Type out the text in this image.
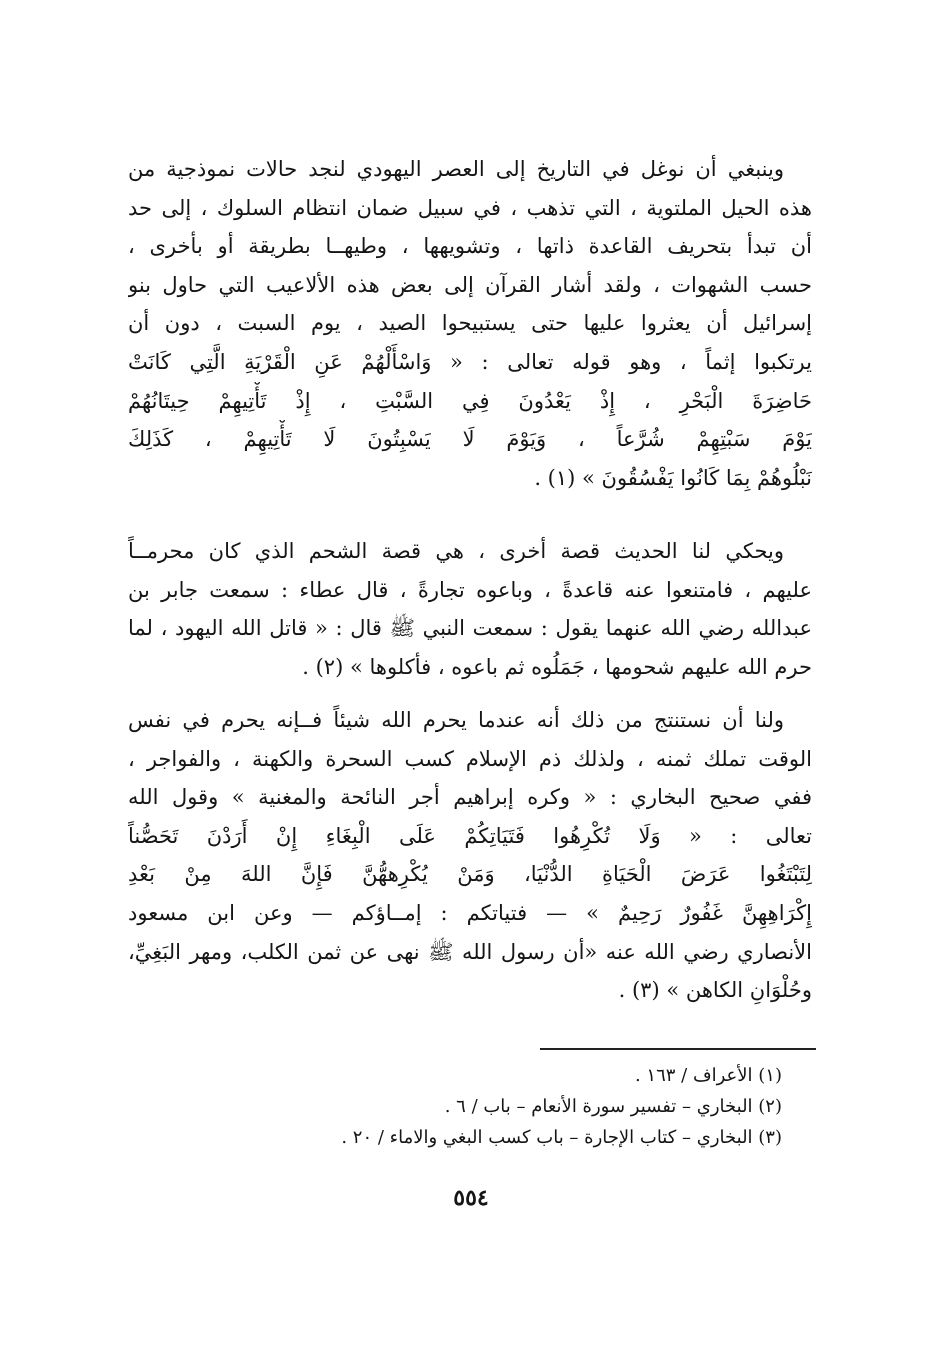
وينبغي أن نوغل في التاريخ إلى العصر اليهودي لنجد حالات نموذجية من
هذه الحيل الملتوية ، التي تذهب ، في سبيل ضمان انتظام السلوك ، إلى حد
أن تبدأ بتحريف القاعدة ذاتها ، وتشويهها ، وطيهــا بطريقة أو بأخرى ،
حسب الشهوات ، ولقد أشار القرآن إلى بعض هذه الألاعيب التي حاول بنو
إسرائيل أن يعثروا عليها حتى يستبيحوا الصيد ، يوم السبت ، دون أن
يرتكبوا إثماً ، وهو قوله تعالى : « وَاسْأَلْهُمْ عَنِ الْقَرْيَةِ الَّتِي كَانَتْ
حَاضِرَةَ الْبَحْرِ ، إِذْ يَعْدُونَ فِي السَّبْتِ ، إِذْ تَأْتِيهِمْ حِيتَانُهُمْ
يَوْمَ سَبْتِهِمْ شُرَّعاً ، وَيَوْمَ لَا يَسْبِتُونَ لَا تَأْتِيهِمْ ، كَذَلِكَ
نَبْلُوهُمْ بِمَا كَانُوا يَفْسُقُونَ » (١) .
ويحكي لنا الحديث قصة أخرى ، هي قصة الشحم الذي كان محرمــاً
عليهم ، فامتنعوا عنه قاعدةً ، وباعوه تجارةً ، قال عطاء : سمعت جابر بن
عبدالله رضي الله عنهما يقول : سمعت النبي ﷺ قال : « قاتل الله اليهود ، لما
حرم الله عليهم شحومها ، جَمَلُوه ثم باعوه ، فأكلوها » (٢) .
ولنا أن نستنتج من ذلك أنه عندما يحرم الله شيئاً فــإنه يحرم في نفس
الوقت تملك ثمنه ، ولذلك ذم الإسلام كسب السحرة والكهنة ، والفواجر ،
ففي صحيح البخاري : « وكره إبراهيم أجر النائحة والمغنية » وقول الله
تعالى : « وَلَا تُكْرِهُوا فَتَيَاتِكُمْ عَلَى الْبِغَاءِ إِنْ أَرَدْنَ تَحَصُّناً
لِتَبْتَغُوا عَرَضَ الْحَيَاةِ الدُّنْيَا، وَمَنْ يُكْرِههُّنَّ فَإِنَّ اللهَ مِنْ بَعْدِ
إِكْرَاهِهِنَّ غَفُورٌ رَحِيمٌ » — فتياتكم : إمــاؤكم — وعن ابن مسعود
الأنصاري رضي الله عنه «أن رسول الله ﷺ نهى عن ثمن الكلب، ومهر البَغِيِّ،
وحُلْوَانِ الكاهن » (٣) .
(١) الأعراف / ١٦٣ .
(٢) البخاري – تفسير سورة الأنعام – باب / ٦ .
(٣) البخاري – كتاب الإجارة – باب كسب البغي والاماء / ٢٠ .
٥٥٤
